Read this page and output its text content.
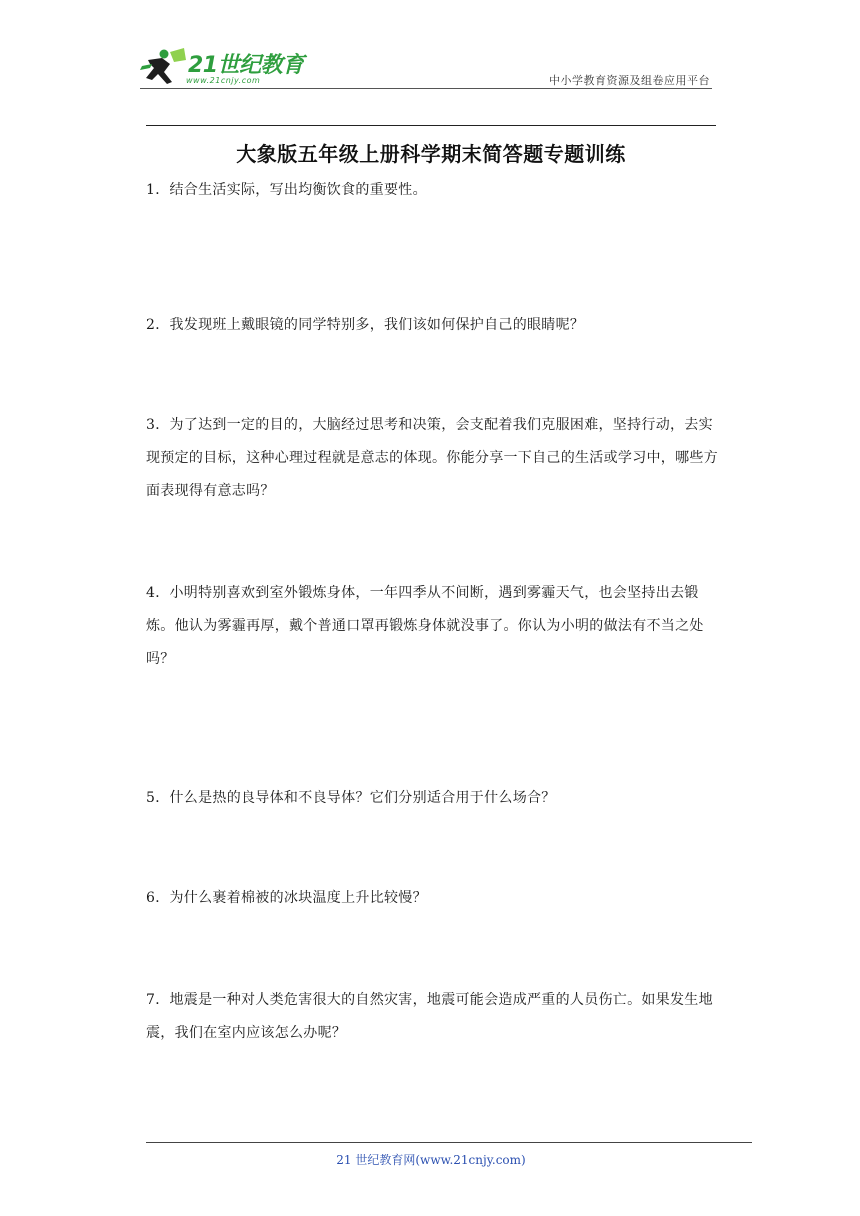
21世纪教育
www.21cnjy.com	中小学教育资源及组卷应用平台
大象版五年级上册科学期末简答题专题训练
1．结合生活实际，写出均衡饮食的重要性。
2．我发现班上戴眼镜的同学特别多，我们该如何保护自己的眼睛呢？
3．为了达到一定的目的，大脑经过思考和决策，会支配着我们克服困难，坚持行动，去实现预定的目标，这种心理过程就是意志的体现。你能分享一下自己的生活或学习中，哪些方面表现得有意志吗？
4．小明特别喜欢到室外锻炼身体，一年四季从不间断，遇到雾霾天气，也会坚持出去锻炼。他认为雾霾再厚，戴个普通口罩再锻炼身体就没事了。你认为小明的做法有不当之处吗？
5．什么是热的良导体和不良导体？它们分别适合用于什么场合？
6．为什么裹着棉被的冰块温度上升比较慢？
7．地震是一种对人类危害很大的自然灾害，地震可能会造成严重的人员伤亡。如果发生地震，我们在室内应该怎么办呢？
21 世纪教育网(www.21cnjy.com)
